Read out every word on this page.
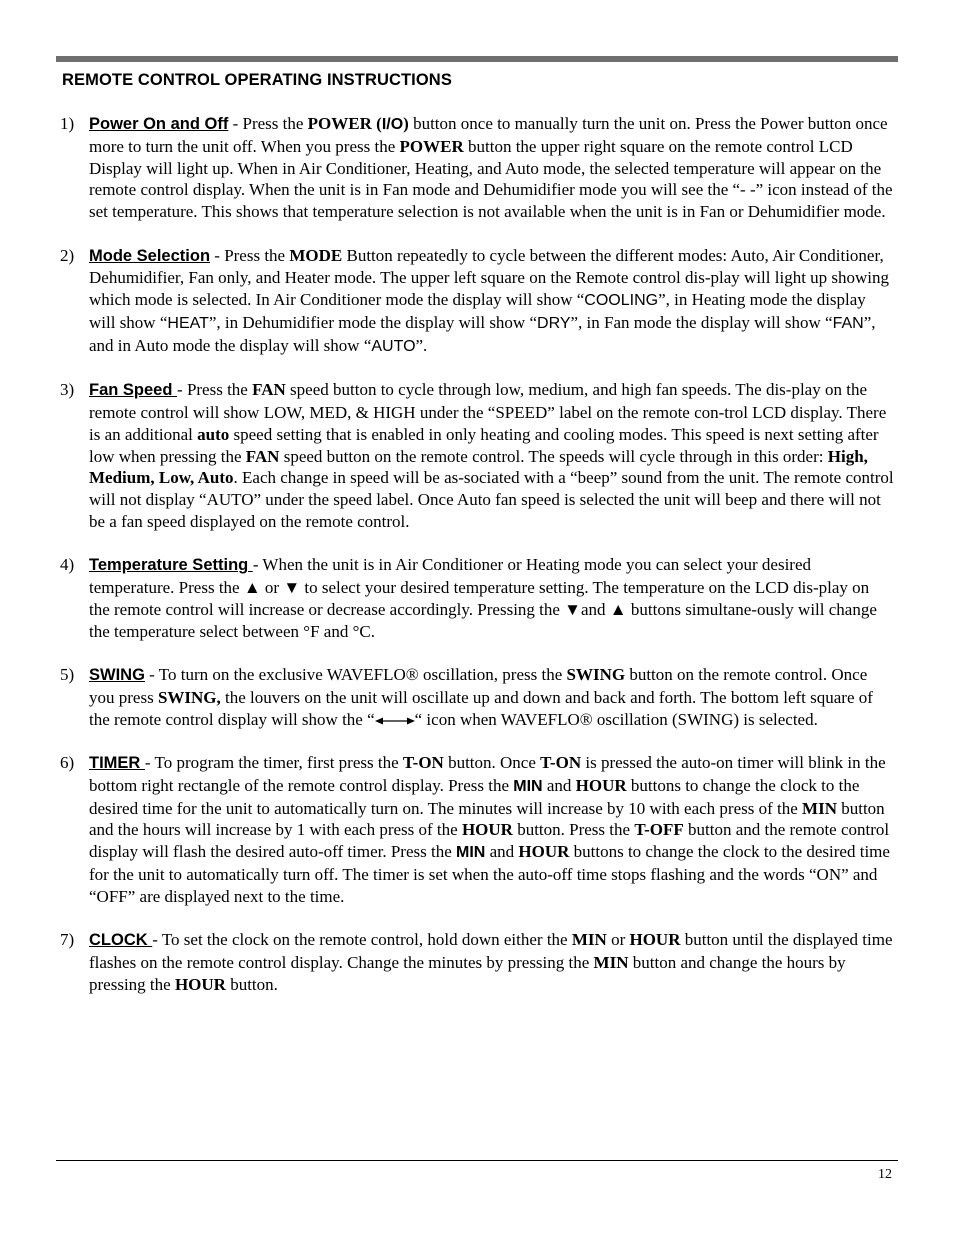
REMOTE CONTROL OPERATING INSTRUCTIONS
1) Power On and Off - Press the POWER (I/O) button once to manually turn the unit on. Press the Power button once more to turn the unit off. When you press the POWER button the upper right square on the remote control LCD Display will light up. When in Air Conditioner, Heating, and Auto mode, the selected temperature will appear on the remote control display. When the unit is in Fan mode and Dehumidifier mode you will see the “- -” icon instead of the set temperature. This shows that temperature selection is not available when the unit is in Fan or Dehumidifier mode.
2) Mode Selection - Press the MODE Button repeatedly to cycle between the different modes: Auto, Air Conditioner, Dehumidifier, Fan only, and Heater mode. The upper left square on the Remote control dis-play will light up showing which mode is selected. In Air Conditioner mode the display will show “COOLING”, in Heating mode the display will show “HEAT”, in Dehumidifier mode the display will show “DRY”, in Fan mode the display will show “FAN”, and in Auto mode the display will show “AUTO”.
3) Fan Speed - Press the FAN speed button to cycle through low, medium, and high fan speeds. The dis-play on the remote control will show LOW, MED, & HIGH under the “SPEED” label on the remote con-trol LCD display. There is an additional auto speed setting that is enabled in only heating and cooling modes. This speed is next setting after low when pressing the FAN speed button on the remote control. The speeds will cycle through in this order: High, Medium, Low, Auto. Each change in speed will be as-sociated with a “beep” sound from the unit. The remote control will not display “AUTO” under the speed label. Once Auto fan speed is selected the unit will beep and there will not be a fan speed displayed on the remote control.
4) Temperature Setting - When the unit is in Air Conditioner or Heating mode you can select your desired temperature. Press the ▲ or ▼ to select your desired temperature setting. The temperature on the LCD dis-play on the remote control will increase or decrease accordingly. Pressing the ▼and ▲ buttons simultane-ously will change the temperature select between °F and °C.
5) SWING - To turn on the exclusive WAVEFLO® oscillation, press the SWING button on the remote control. Once you press SWING, the louvers on the unit will oscillate up and down and back and forth. The bottom left square of the remote control display will show the “ “ icon when WAVEFLO® oscillation (SWING) is selected.
6) TIMER - To program the timer, first press the T-ON button. Once T-ON is pressed the auto-on timer will blink in the bottom right rectangle of the remote control display. Press the MIN and HOUR buttons to change the clock to the desired time for the unit to automatically turn on. The minutes will increase by 10 with each press of the MIN button and the hours will increase by 1 with each press of the HOUR button. Press the T-OFF button and the remote control display will flash the desired auto-off timer. Press the MIN and HOUR buttons to change the clock to the desired time for the unit to automatically turn off. The timer is set when the auto-off time stops flashing and the words “ON” and “OFF” are displayed next to the time.
7) CLOCK - To set the clock on the remote control, hold down either the MIN or HOUR button until the displayed time flashes on the remote control display. Change the minutes by pressing the MIN button and change the hours by pressing the HOUR button.
12
